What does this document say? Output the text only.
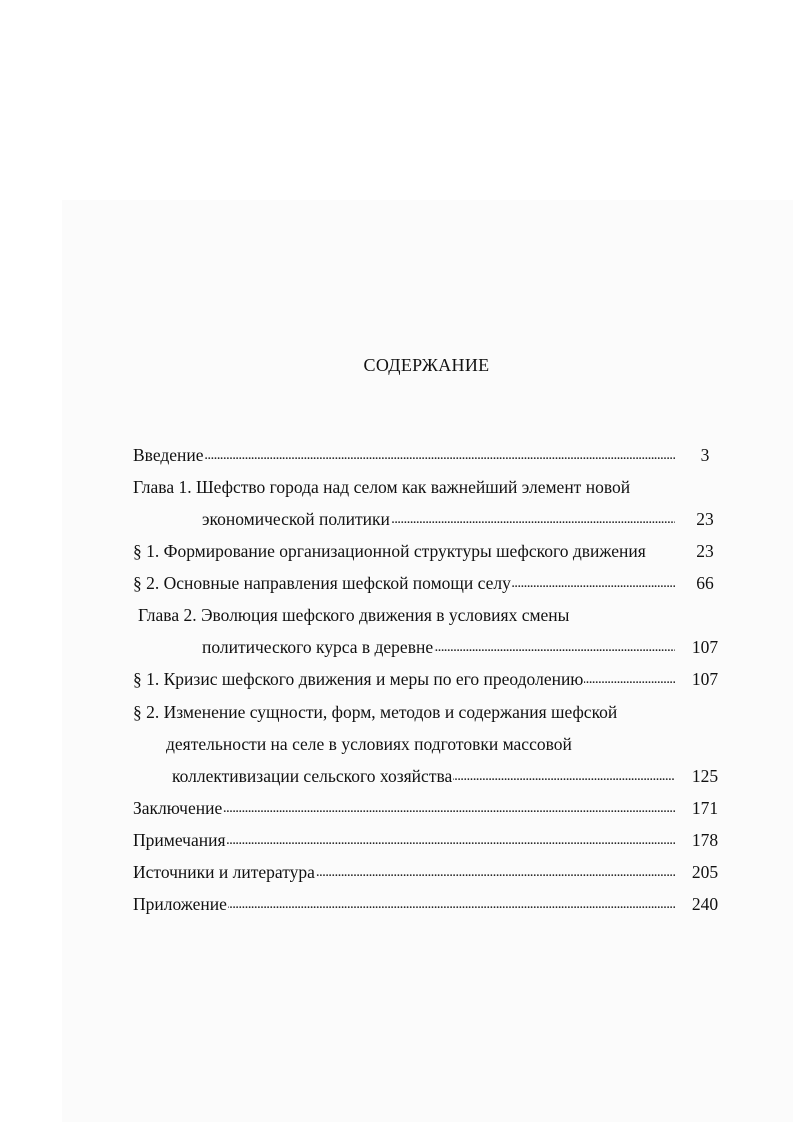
СОДЕРЖАНИЕ
. . . Введение	3
Глава 1. Шефство города над селом как важнейший элемент новой
. . . экономической политики	23
§ 1. Формирование организационной структуры шефского движения	23
. . . § 2. Основные направления шефской помощи селу	66
Глава 2. Эволюция шефского движения в условиях смены
. . . политического курса в деревне	107
. . . § 1. Кризис шефского движения и меры по его преодолению	107
§ 2. Изменение сущности, форм, методов и содержания шефской
деятельности на селе в условиях подготовки массовой
. . . коллективизации сельского хозяйства	125
. . . Заключение	171
. . . Примечания	178
. . . Источники и литература	205
. . . Приложение	240
